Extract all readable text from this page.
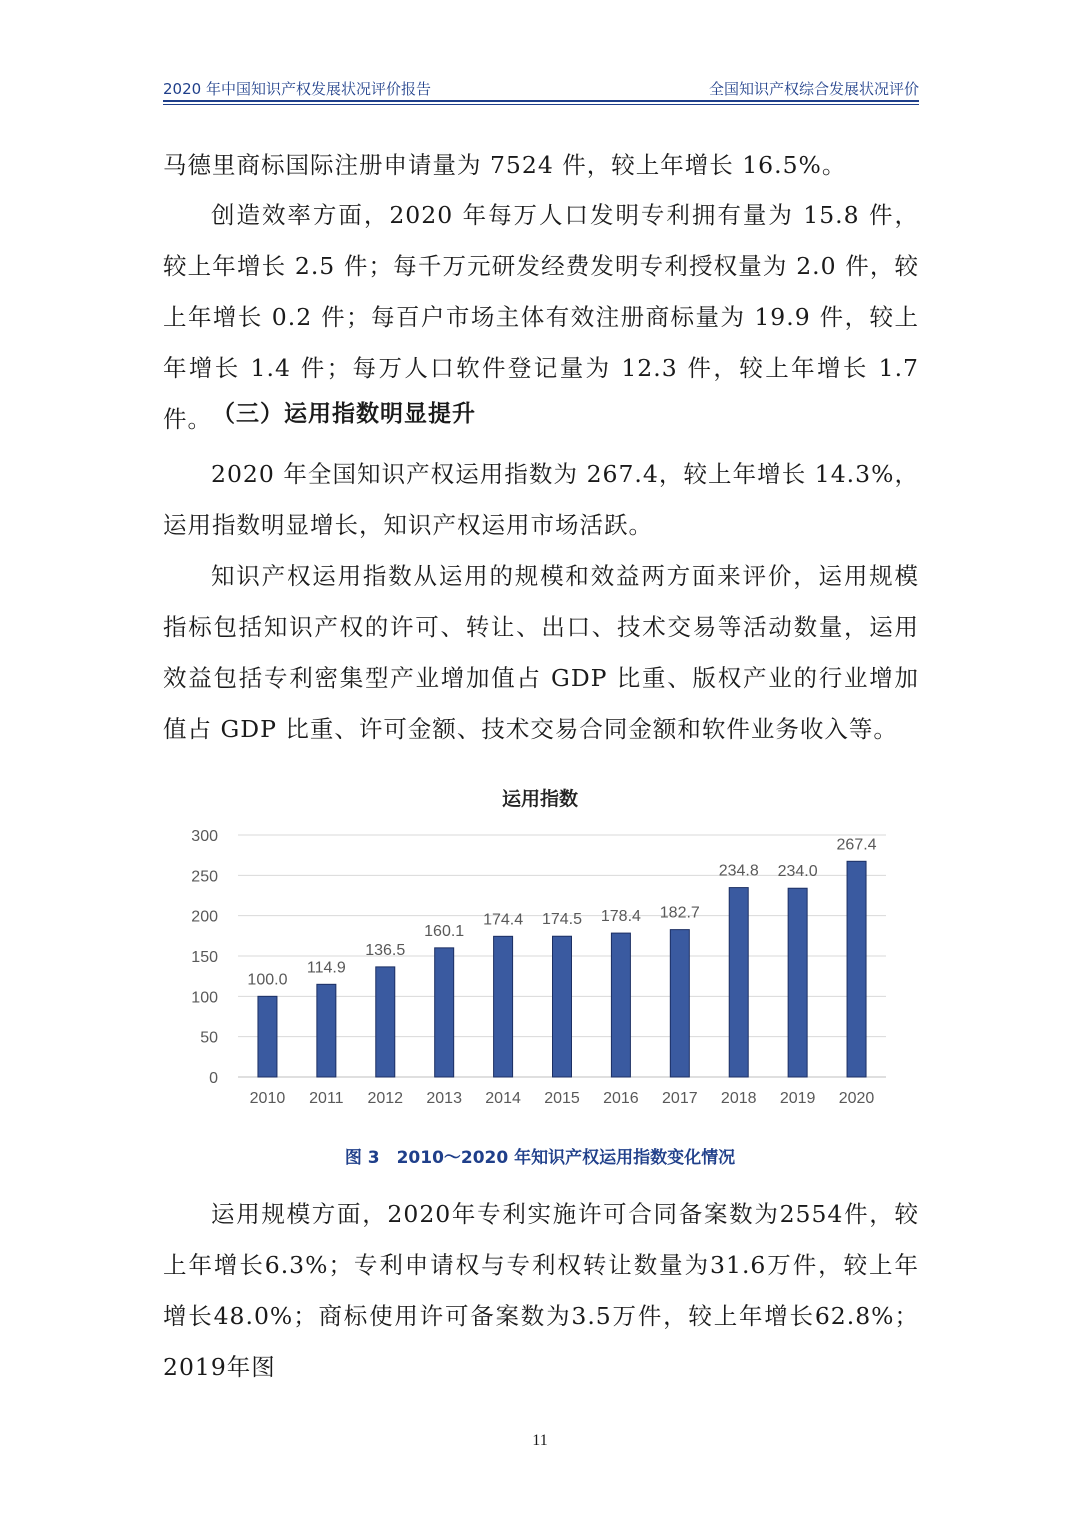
2020 年中国知识产权发展状况评价报告	全国知识产权综合发展状况评价

马德里商标国际注册申请量为 7524 件，较上年增长 16.5%。

创造效率方面，2020 年每万人口发明专利拥有量为 15.8 件，较上年增长 2.5 件；每千万元研发经费发明专利授权量为 2.0 件，较上年增长 0.2 件；每百户市场主体有效注册商标量为 19.9 件，较上年增长 1.4 件；每万人口软件登记量为 12.3 件，较上年增长 1.7 件。 （三）运用指数明显提升

2020 年全国知识产权运用指数为 267.4，较上年增长 14.3%，运用指数明显增长，知识产权运用市场活跃。

知识产权运用指数从运用的规模和效益两方面来评价，运用规模指标包括知识产权的许可、转让、出口、技术交易等活动数量，运用效益包括专利密集型产业增加值占 GDP 比重、版权产业的行业增加值占 GDP 比重、许可金额、技术交易合同金额和软件业务收入等。

运用指数
0
50
100
150
200
250
300
100.0
114.9
136.5
160.1
174.4 174.5 178.4 182.7
234.8 234.0
267.4
2010 2011 2012 2013 2014 2015 2016 2017 2018 2019 2020

图 3　2010～2020 年知识产权运用指数变化情况

运用规模方面，2020年专利实施许可合同备案数为2554件，较上年增长6.3%；专利申请权与专利权转让数量为31.6万件，较上年增长48.0%；商标使用许可备案数为3.5万件，较上年增长62.8%；2019年图

11
